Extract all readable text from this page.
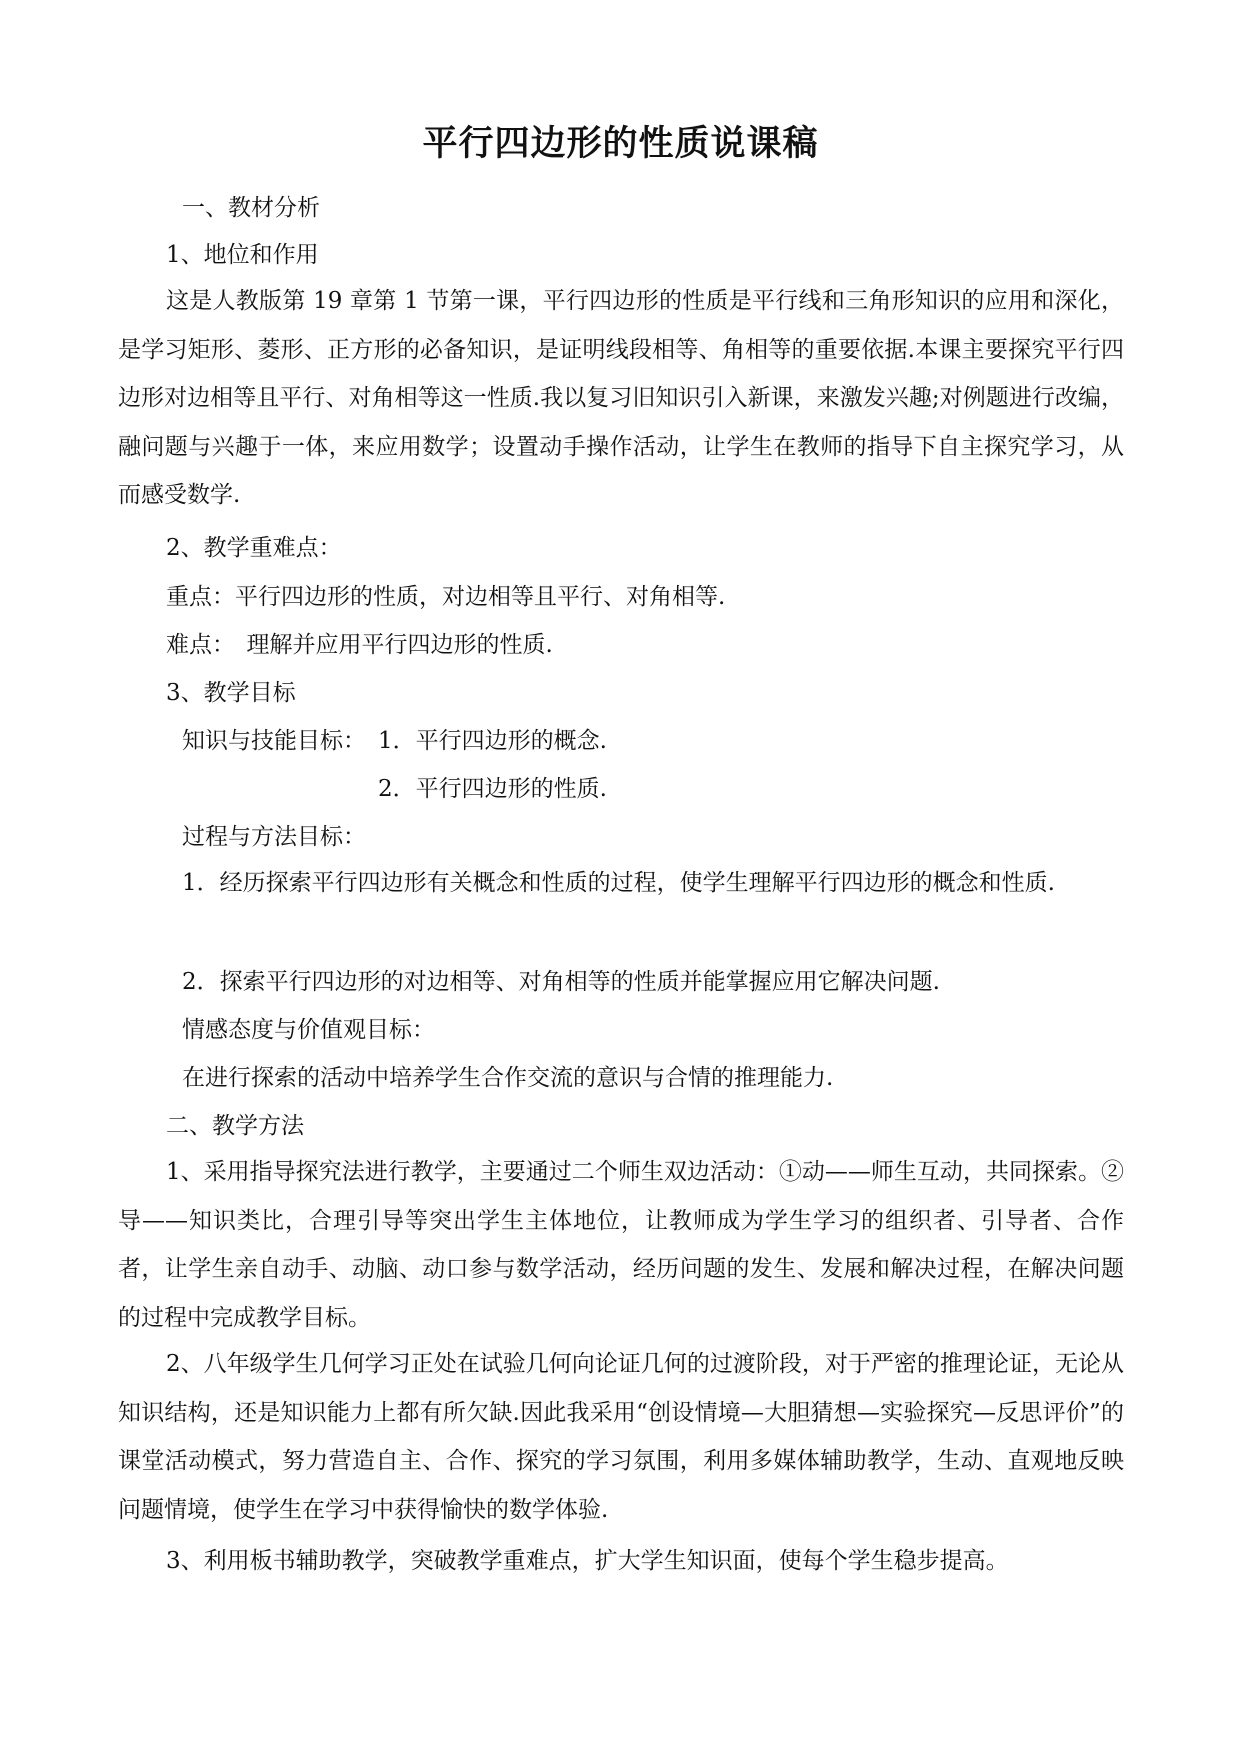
平行四边形的性质说课稿
一、教材分析
1、地位和作用
这是人教版第 19 章第 1 节第一课，平行四边形的性质是平行线和三角形知识的应用和深化，是学习矩形、菱形、正方形的必备知识，是证明线段相等、角相等的重要依据.本课主要探究平行四边形对边相等且平行、对角相等这一性质.我以复习旧知识引入新课，来激发兴趣;对例题进行改编，融问题与兴趣于一体，来应用数学；设置动手操作活动，让学生在教师的指导下自主探究学习，从而感受数学.
2、教学重难点：
重点：平行四边形的性质，对边相等且平行、对角相等.
难点：　理解并应用平行四边形的性质.
3、教学目标
知识与技能目标： 1．平行四边形的概念.
2．平行四边形的性质.
过程与方法目标：
1．经历探索平行四边形有关概念和性质的过程，使学生理解平行四边形的概念和性质.
2．探索平行四边形的对边相等、对角相等的性质并能掌握应用它解决问题.
情感态度与价值观目标：
在进行探索的活动中培养学生合作交流的意识与合情的推理能力.
二、教学方法
1、采用指导探究法进行教学，主要通过二个师生双边活动：①动——师生互动，共同探索。②导——知识类比，合理引导等突出学生主体地位，让教师成为学生学习的组织者、引导者、合作者，让学生亲自动手、动脑、动口参与数学活动，经历问题的发生、发展和解决过程，在解决问题的过程中完成教学目标。
2、八年级学生几何学习正处在试验几何向论证几何的过渡阶段，对于严密的推理论证，无论从知识结构，还是知识能力上都有所欠缺.因此我采用“创设情境—大胆猜想—实验探究—反思评价”的课堂活动模式，努力营造自主、合作、探究的学习氛围，利用多媒体辅助教学，生动、直观地反映问题情境，使学生在学习中获得愉快的数学体验.
3、利用板书辅助教学，突破教学重难点，扩大学生知识面，使每个学生稳步提高。
